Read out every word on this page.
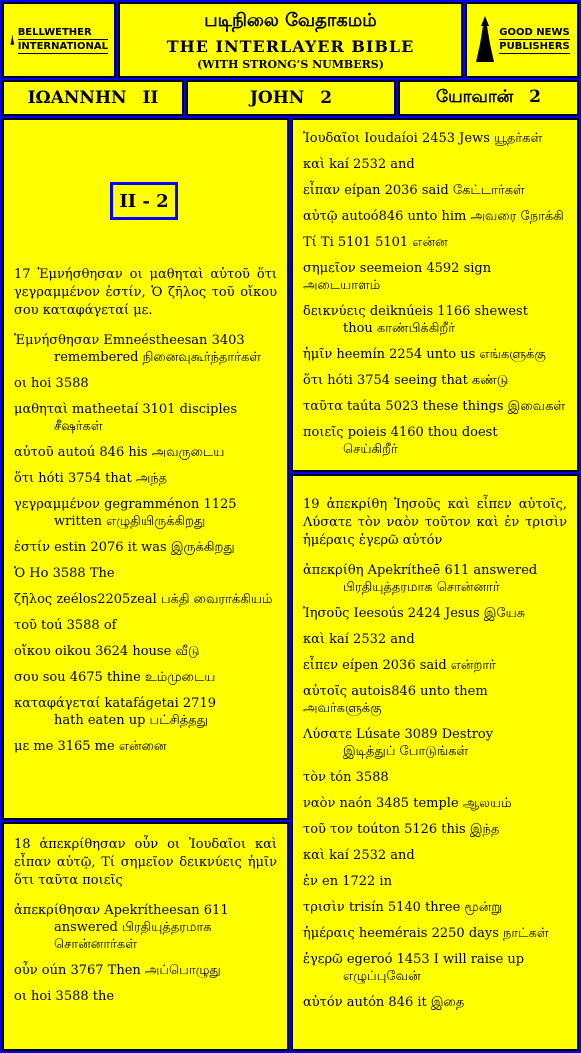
BELLWETHER
INTERNATIONAL
படிநிலை வேதாகமம்
THE INTERLAYER BIBLE
(WITH STRONG’S NUMBERS)
GOOD NEWS
PUBLISHERS
ΙΩΑΝΝΗΝ II	JOHN 2	யோவான் 2
II - 2

17 Ἐμνήσθησαν οι μαθηταὶ αὐτοῦ ὅτι γεγραμμένον ἐστίν, Ὁ ζῆλος τοῦ οἴκου σου καταφάγεταί με.

Ἐμνήσθησαν Emneéstheesan 3403
remembered நினைவுகூர்ந்தார்கள்
οι hoi 3588
μαθηταὶ matheetaí 3101 disciples
சீஷர்கள்
αὐτοῦ autoú 846 his அவருடைய
ὅτι hóti 3754 that அந்த
γεγραμμένον gegramménon 1125
written எழுதியிருக்கிறது
ἐστίν estin 2076 it was இருக்கிறது
Ὁ Ho 3588 The
ζῆλος zeélos2205zeal பக்தி வைராக்கியம்
τοῦ toú 3588 of
οἴκου oikou 3624 house வீடு
σου sou 4675 thine உம்முடைய
καταφάγεταί katafágetai 2719
hath eaten up பட்சித்தது
με me 3165 me என்னை

18 ἀπεκρίθησαν οὖν οι Ἰουδαῖοι καὶ εἶπαν αὐτῷ, Τί σημεῖον δεικνύεις ἡμῖν ὅτι ταῦτα ποιεῖς

ἀπεκρίθησαν Apekrítheesan 611
answered பிரதியுத்தரமாக சொன்னார்கள்
οὖν oún 3767 Then அப்பொழுது
οι hoi 3588 the
Ἰουδαῖοι Ioudaíoi 2453 Jews யூதர்கள்
καὶ kaí 2532 and
εἶπαν eípan 2036 said கேட்டார்கள்
αὐτῷ autoó846 unto him அவரை நோக்கி
Τί Ti 5101 5101 என்ன
σημεῖον seemeion 4592 sign அடையாளம்
δεικνύεις deiknúeis 1166 shewest
thou காண்பிக்கிறீர்
ἡμῖν heemín 2254 unto us எங்களுக்கு
ὅτι hóti 3754 seeing that கண்டு
ταῦτα taúta 5023 these things இவைகள்
ποιεῖς poieis 4160 thou doest
செய்கிறீர்

19 ἀπεκρίθη Ἰησοῦς καὶ εἶπεν αὐτοῖς, Λύσατε τὸν ναὸν τοῦτον καὶ ἐν τρισὶν ἡμέραις ἐγερῶ αὐτόν

ἀπεκρίθη Apekrítheē 611 answered
பிரதியுத்தரமாக சொன்னார்
Ἰησοῦς Ieesoús 2424 Jesus இயேசு
καὶ kaí 2532 and
εἶπεν eípen 2036 said என்றார்
αὐτοῖς autois846 unto them அவர்களுக்கு
Λύσατε Lúsate 3089 Destroy
இடித்துப் போடுங்கள்
τὸν tón 3588
ναὸν naón 3485 temple ஆலயம்
τοῦ τον toúton 5126 this இந்த
καὶ kaí 2532 and
ἐν en 1722 in
τρισὶν trisín 5140 three மூன்று
ἡμέραις heemérais 2250 days நாட்கள்
ἐγερῶ egeroó 1453 I will raise up
எழுப்புவேன்
αὐτόν autón 846 it இதை
